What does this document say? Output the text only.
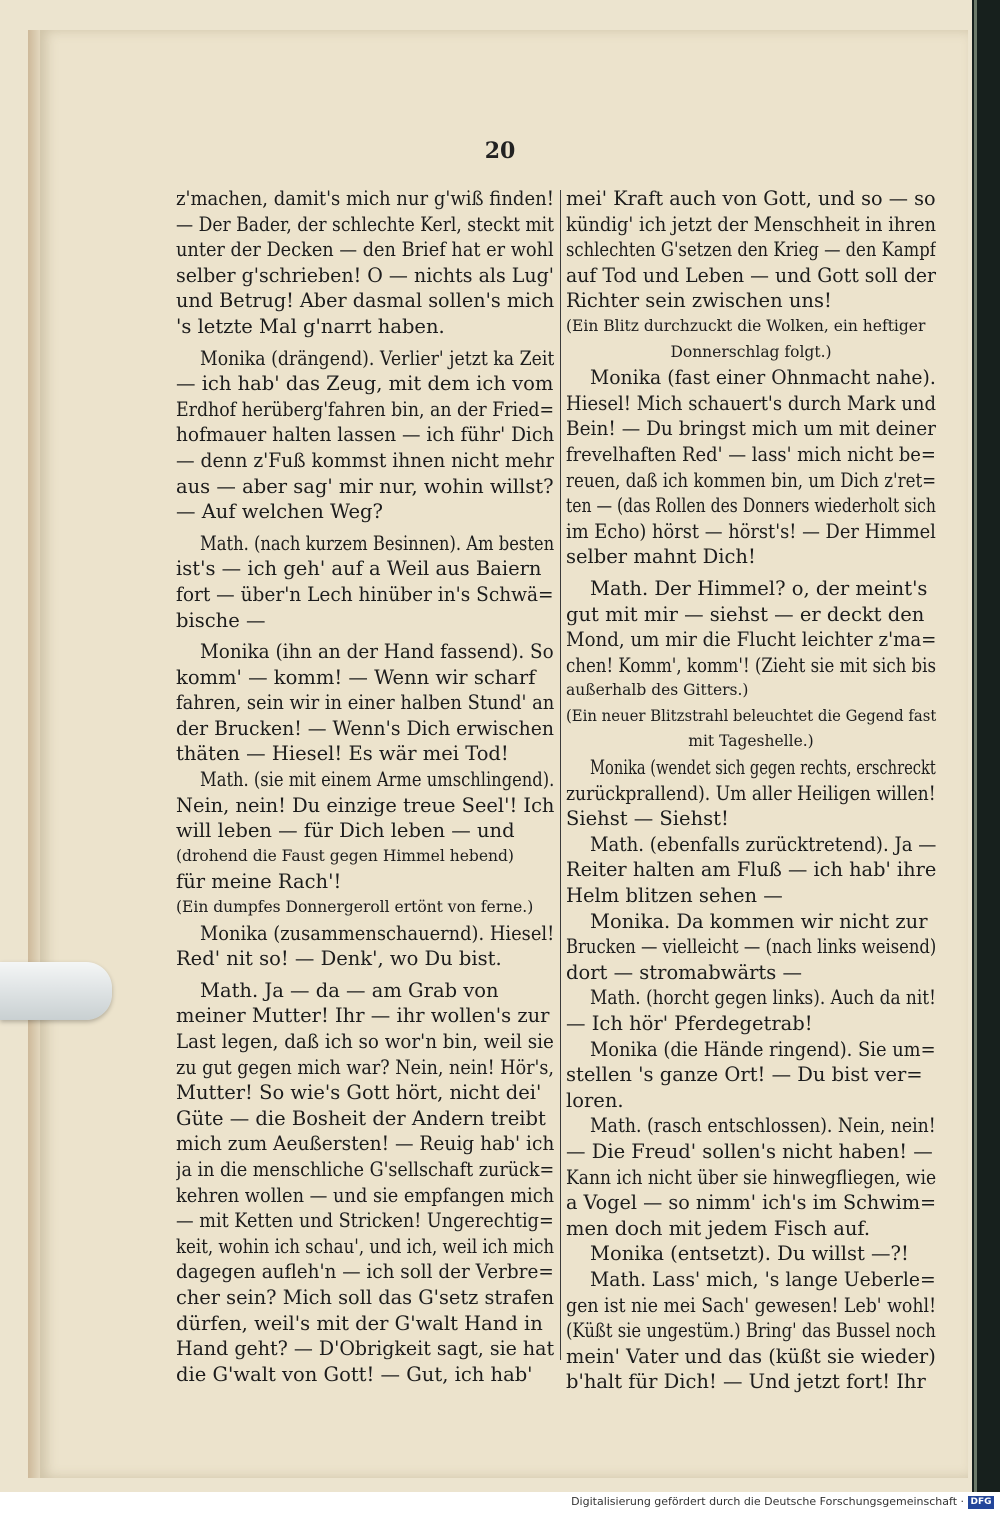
20
z'machen, damit's mich nur g'wiß finden!
— Der Bader, der schlechte Kerl, steckt mit
unter der Decken — den Brief hat er wohl
selber g'schrieben! O — nichts als Lug'
und Betrug! Aber dasmal sollen's mich
's letzte Mal g'narrt haben.
Monika (drängend). Verlier' jetzt ka Zeit
— ich hab' das Zeug, mit dem ich vom
Erdhof herüberg'fahren bin, an der Fried=
hofmauer halten lassen — ich führ' Dich
— denn z'Fuß kommst ihnen nicht mehr
aus — aber sag' mir nur, wohin willst?
— Auf welchen Weg?
Math. (nach kurzem Besinnen). Am besten
ist's — ich geh' auf a Weil aus Baiern
fort — über'n Lech hinüber in's Schwä=
bische —
Monika (ihn an der Hand fassend). So
komm' — komm! — Wenn wir scharf
fahren, sein wir in einer halben Stund' an
der Brucken! — Wenn's Dich erwischen
thäten — Hiesel! Es wär mei Tod!
Math. (sie mit einem Arme umschlingend).
Nein, nein! Du einzige treue Seel'! Ich
will leben — für Dich leben — und
(drohend die Faust gegen Himmel hebend)
für meine Rach'!
(Ein dumpfes Donnergeroll ertönt von ferne.)
Monika (zusammenschauernd). Hiesel!
Red' nit so! — Denk', wo Du bist.
Math. Ja — da — am Grab von
meiner Mutter! Ihr — ihr wollen's zur
Last legen, daß ich so wor'n bin, weil sie
zu gut gegen mich war? Nein, nein! Hör's,
Mutter! So wie's Gott hört, nicht dei'
Güte — die Bosheit der Andern treibt
mich zum Aeußersten! — Reuig hab' ich
ja in die menschliche G'sellschaft zurück=
kehren wollen — und sie empfangen mich
— mit Ketten und Stricken! Ungerechtig=
keit, wohin ich schau', und ich, weil ich mich
dagegen aufleh'n — ich soll der Verbre=
cher sein? Mich soll das G'setz strafen
dürfen, weil's mit der G'walt Hand in
Hand geht? — D'Obrigkeit sagt, sie hat
die G'walt von Gott! — Gut, ich hab'
mei' Kraft auch von Gott, und so — so
kündig' ich jetzt der Menschheit in ihren
schlechten G'setzen den Krieg — den Kampf
auf Tod und Leben — und Gott soll der
Richter sein zwischen uns!
(Ein Blitz durchzuckt die Wolken, ein heftiger
Donnerschlag folgt.)
Monika (fast einer Ohnmacht nahe).
Hiesel! Mich schauert's durch Mark und
Bein! — Du bringst mich um mit deiner
frevelhaften Red' — lass' mich nicht be=
reuen, daß ich kommen bin, um Dich z'ret=
ten — (das Rollen des Donners wiederholt sich
im Echo) hörst — hörst's! — Der Himmel
selber mahnt Dich!
Math. Der Himmel? o, der meint's
gut mit mir — siehst — er deckt den
Mond, um mir die Flucht leichter z'ma=
chen! Komm', komm'! (Zieht sie mit sich bis
außerhalb des Gitters.)
(Ein neuer Blitzstrahl beleuchtet die Gegend fast
mit Tageshelle.)
Monika (wendet sich gegen rechts, erschreckt
zurückprallend). Um aller Heiligen willen!
Siehst — Siehst!
Math. (ebenfalls zurücktretend). Ja —
Reiter halten am Fluß — ich hab' ihre
Helm blitzen sehen —
Monika. Da kommen wir nicht zur
Brucken — vielleicht — (nach links weisend)
dort — stromabwärts —
Math. (horcht gegen links). Auch da nit!
— Ich hör' Pferdegetrab!
Monika (die Hände ringend). Sie um=
stellen 's ganze Ort! — Du bist ver=
loren.
Math. (rasch entschlossen). Nein, nein!
— Die Freud' sollen's nicht haben! —
Kann ich nicht über sie hinwegfliegen, wie
a Vogel — so nimm' ich's im Schwim=
men doch mit jedem Fisch auf.
Monika (entsetzt). Du willst —?!
Math. Lass' mich, 's lange Ueberle=
gen ist nie mei Sach' gewesen! Leb' wohl!
(Küßt sie ungestüm.) Bring' das Bussel noch
mein' Vater und das (küßt sie wieder)
b'halt für Dich! — Und jetzt fort! Ihr
Digitalisierung gefördert durch die Deutsche Forschungsgemeinschaft · DFG
